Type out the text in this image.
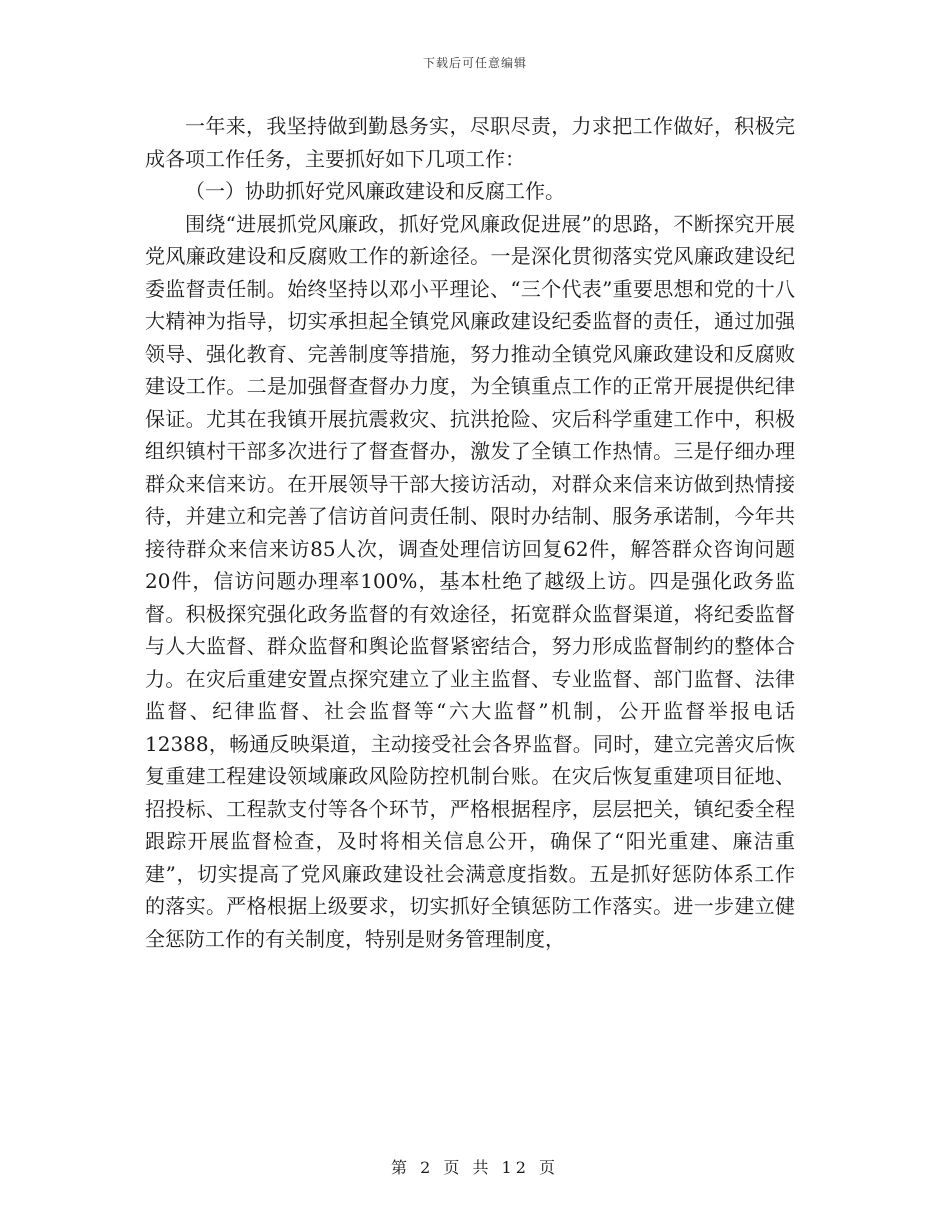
下载后可任意编辑

一年来，我坚持做到勤恳务实，尽职尽责，力求把工作做好，积极完成各项工作任务，主要抓好如下几项工作：

（一）协助抓好党风廉政建设和反腐工作。

围绕“进展抓党风廉政，抓好党风廉政促进展”的思路，不断探究开展党风廉政建设和反腐败工作的新途径。一是深化贯彻落实党风廉政建设纪委监督责任制。始终坚持以邓小平理论、“三个代表”重要思想和党的十八大精神为指导，切实承担起全镇党风廉政建设纪委监督的责任，通过加强领导、强化教育、完善制度等措施，努力推动全镇党风廉政建设和反腐败建设工作。二是加强督查督办力度，为全镇重点工作的正常开展提供纪律保证。尤其在我镇开展抗震救灾、抗洪抢险、灾后科学重建工作中，积极组织镇村干部多次进行了督查督办，激发了全镇工作热情。三是仔细办理群众来信来访。在开展领导干部大接访活动，对群众来信来访做到热情接待，并建立和完善了信访首问责任制、限时办结制、服务承诺制，今年共接待群众来信来访85人次，调查处理信访回复62件，解答群众咨询问题20件，信访问题办理率100%，基本杜绝了越级上访。四是强化政务监督。积极探究强化政务监督的有效途径，拓宽群众监督渠道，将纪委监督与人大监督、群众监督和舆论监督紧密结合，努力形成监督制约的整体合力。在灾后重建安置点探究建立了业主监督、专业监督、部门监督、法律监督、纪律监督、社会监督等“六大监督”机制，公开监督举报电话12388，畅通反映渠道，主动接受社会各界监督。同时，建立完善灾后恢复重建工程建设领域廉政风险防控机制台账。在灾后恢复重建项目征地、招投标、工程款支付等各个环节，严格根据程序，层层把关，镇纪委全程跟踪开展监督检查，及时将相关信息公开，确保了“阳光重建、廉洁重建”，切实提高了党风廉政建设社会满意度指数。五是抓好惩防体系工作的落实。严格根据上级要求，切实抓好全镇惩防工作落实。进一步建立健全惩防工作的有关制度，特别是财务管理制度，

第 2 页 共 12 页
